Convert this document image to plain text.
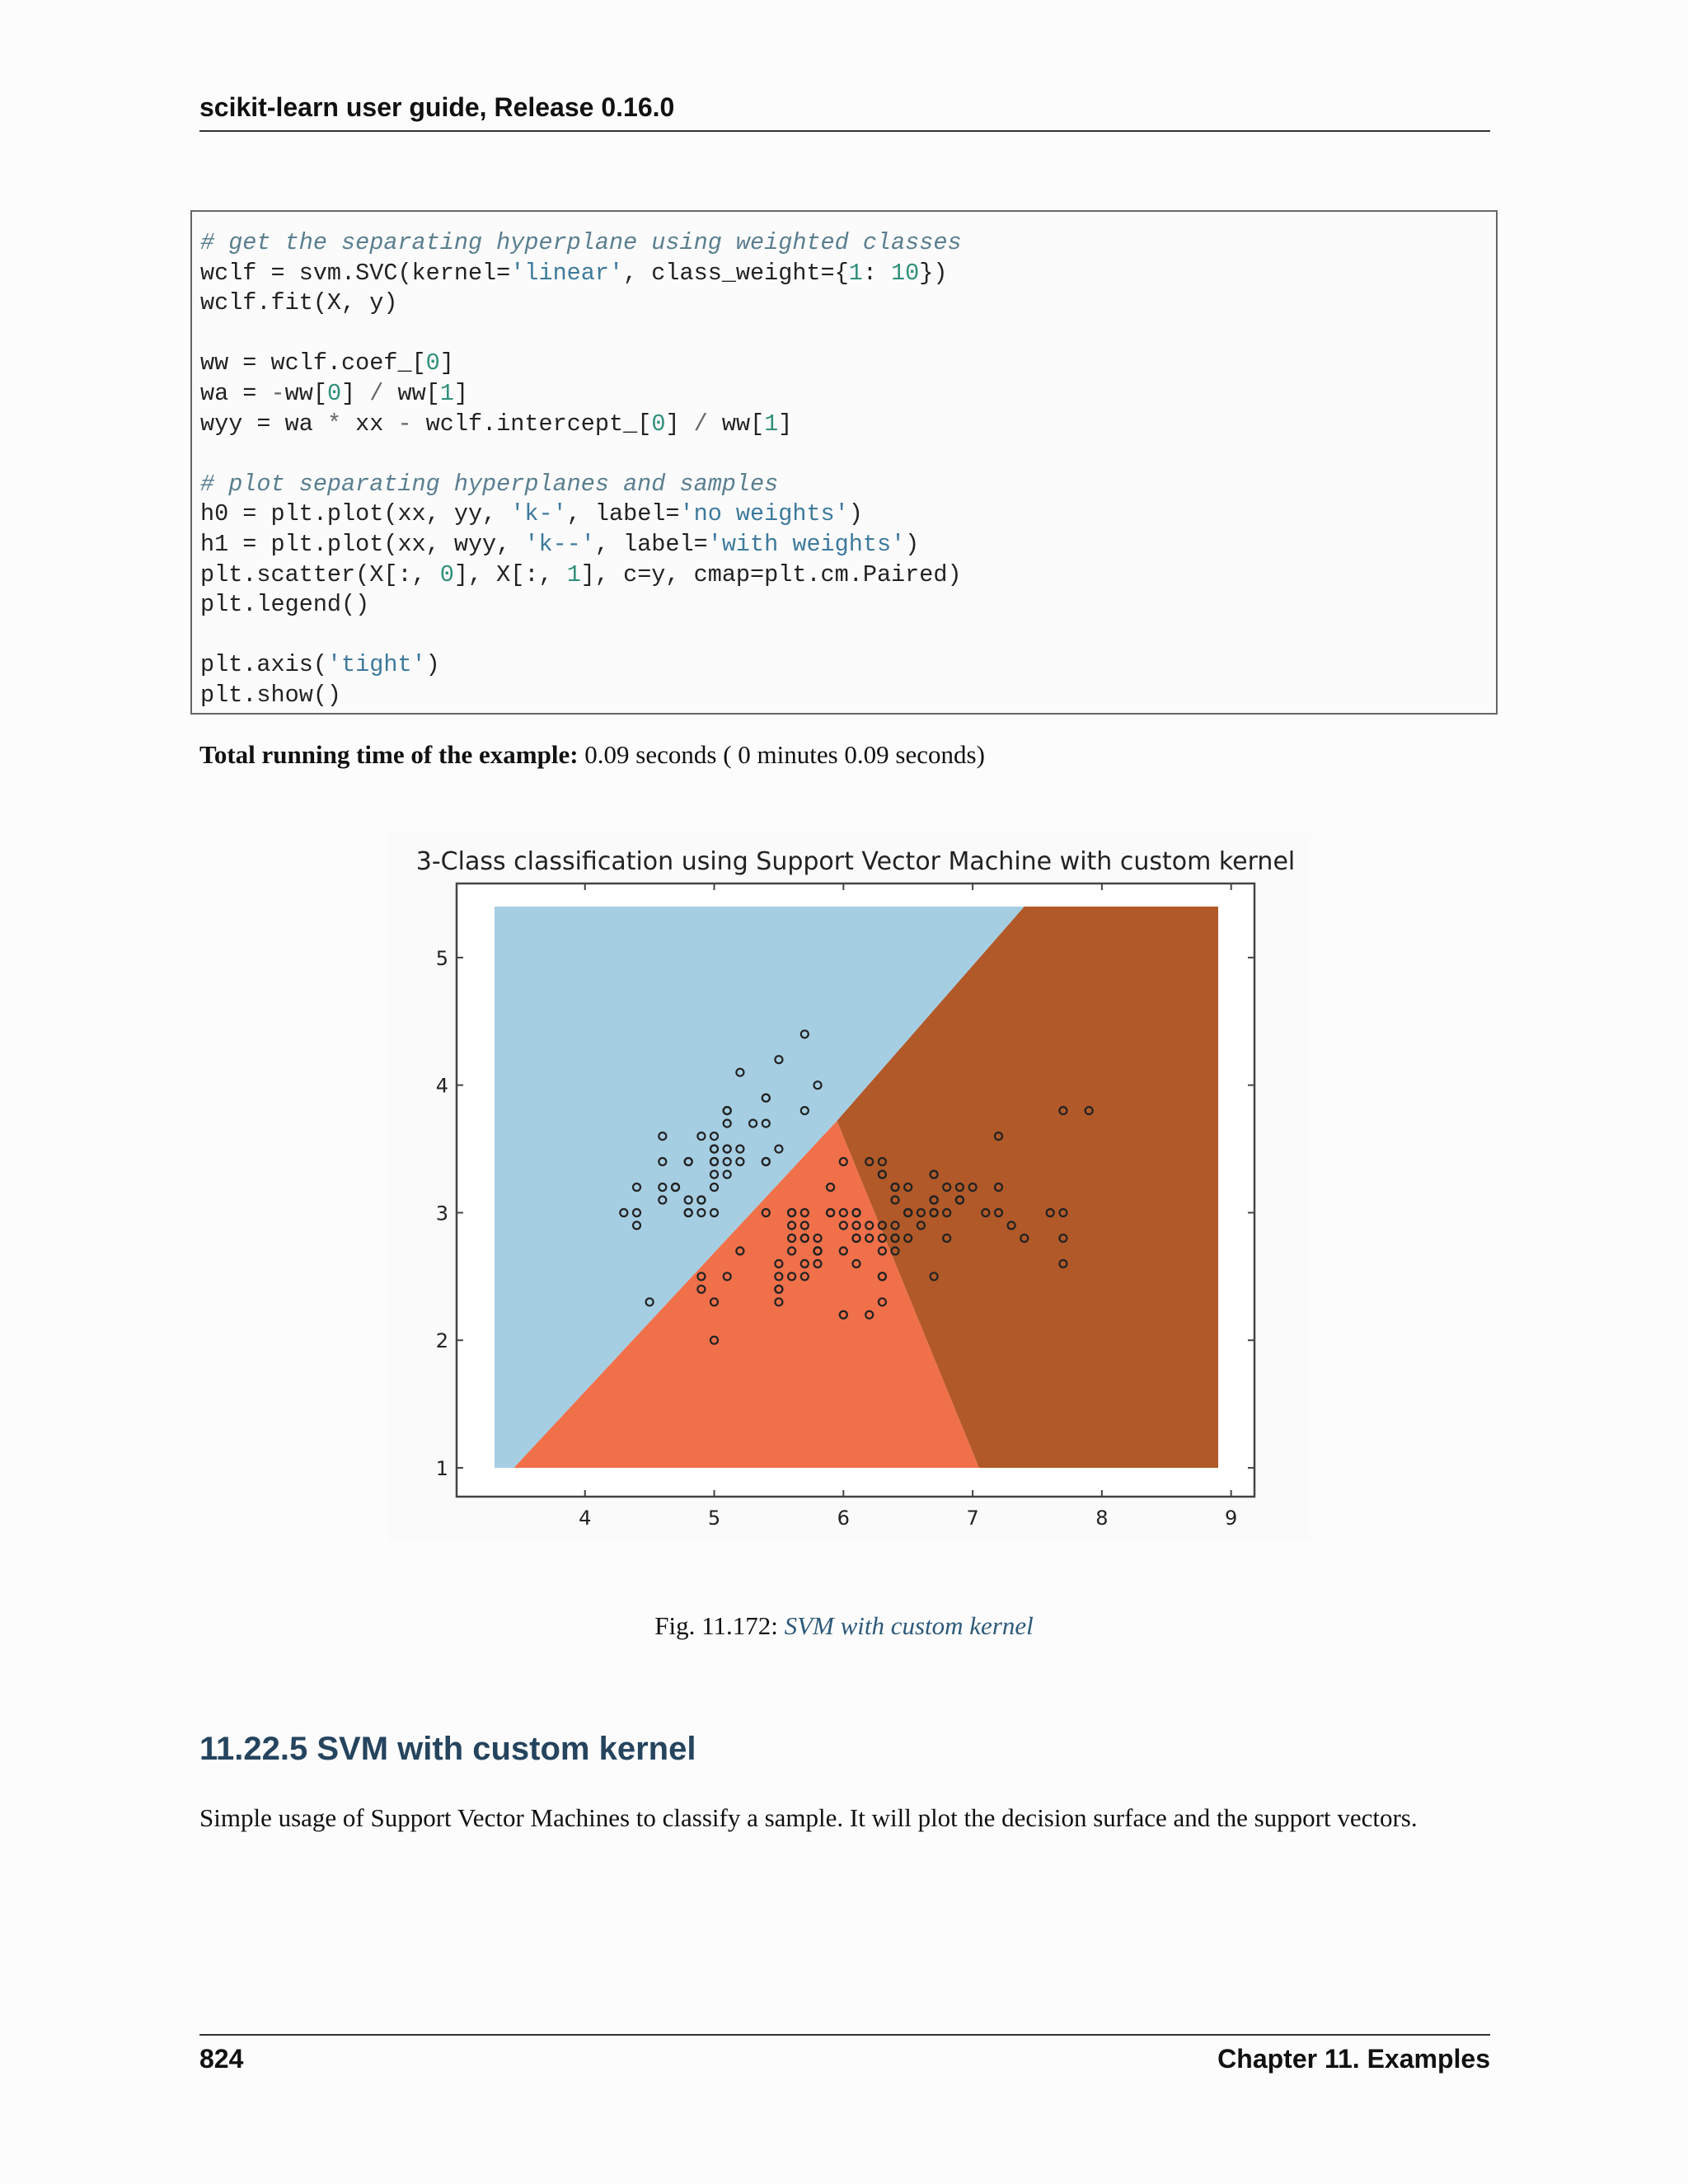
scikit-learn user guide, Release 0.16.0
# get the separating hyperplane using weighted classes
wclf = svm.SVC(kernel='linear', class_weight={1: 10})
wclf.fit(X, y)
ww = wclf.coef_[0]
wa = -ww[0] / ww[1]
wyy = wa * xx - wclf.intercept_[0] / ww[1]
# plot separating hyperplanes and samples
h0 = plt.plot(xx, yy, 'k-', label='no weights')
h1 = plt.plot(xx, wyy, 'k--', label='with weights')
plt.scatter(X[:, 0], X[:, 1], c=y, cmap=plt.cm.Paired)
plt.legend()
plt.axis('tight')
plt.show()
Total running time of the example: 0.09 seconds ( 0 minutes 0.09 seconds)
4	5	6	7	8	9
1
2
3
4
5
3-Class classification using Support Vector Machine with custom kernel
Fig. 11.172: SVM with custom kernel
11.22.5 SVM with custom kernel
Simple usage of Support Vector Machines to classify a sample. It will plot the decision surface and the support vectors.
824	Chapter 11. Examples
